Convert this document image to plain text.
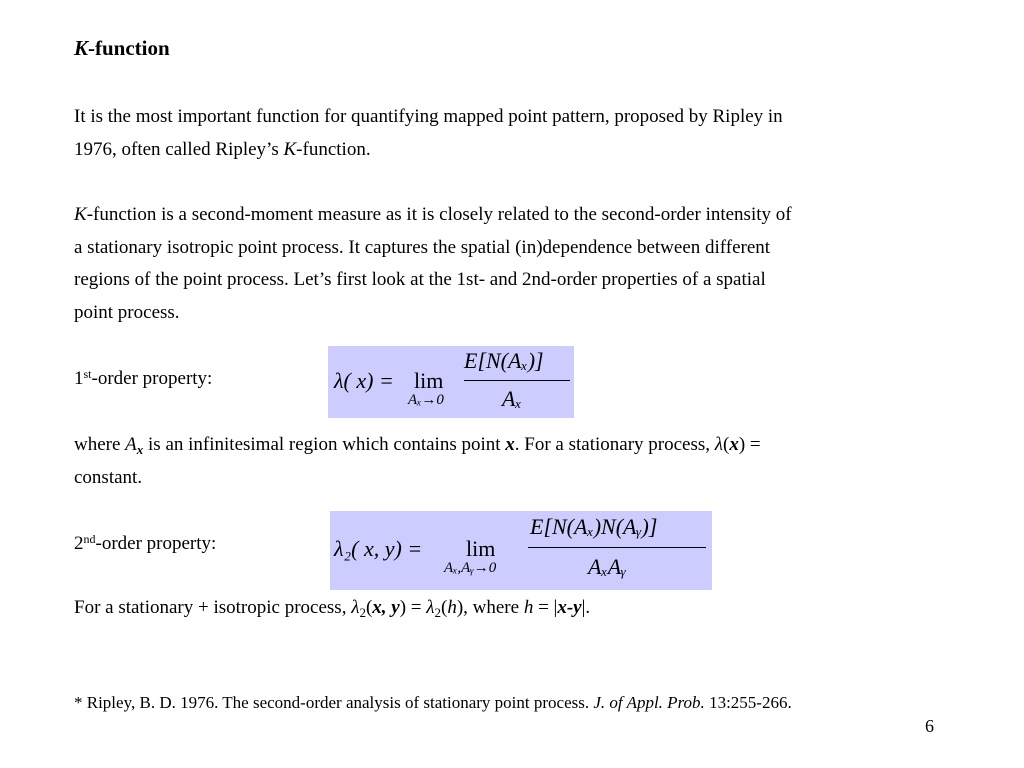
K-function
It is the most important function for quantifying mapped point pattern, proposed by Ripley in
1976, often called Ripley’s K-function.
K-function is a second-moment measure as it is closely related to the second-order intensity of
a stationary isotropic point process. It captures the spatial (in)dependence between different
regions of the point process. Let’s first look at the 1st- and 2nd-order properties of a spatial
point process.
1st-order property:	λ( x) = lim
Aₓ→0
E[N(Aₓ)]
Aₓ
where $A_x$ is an infinitesimal region which contains point x. For a stationary process, λ(x) =
constant.
2nd-order property:	λ₂( x, y) = lim
Aₓ,Aᵧ→0
E[N(Aₓ)N(Aᵧ)]
AₓAᵧ
For a stationary + isotropic process, $\lambda_2(x$, $y) = \lambda_2(h)$, where h = |x-y|.
* Ripley, B. D. 1976. The second-order analysis of stationary point process. J. of Appl. Prob. 13:255-266.
6
